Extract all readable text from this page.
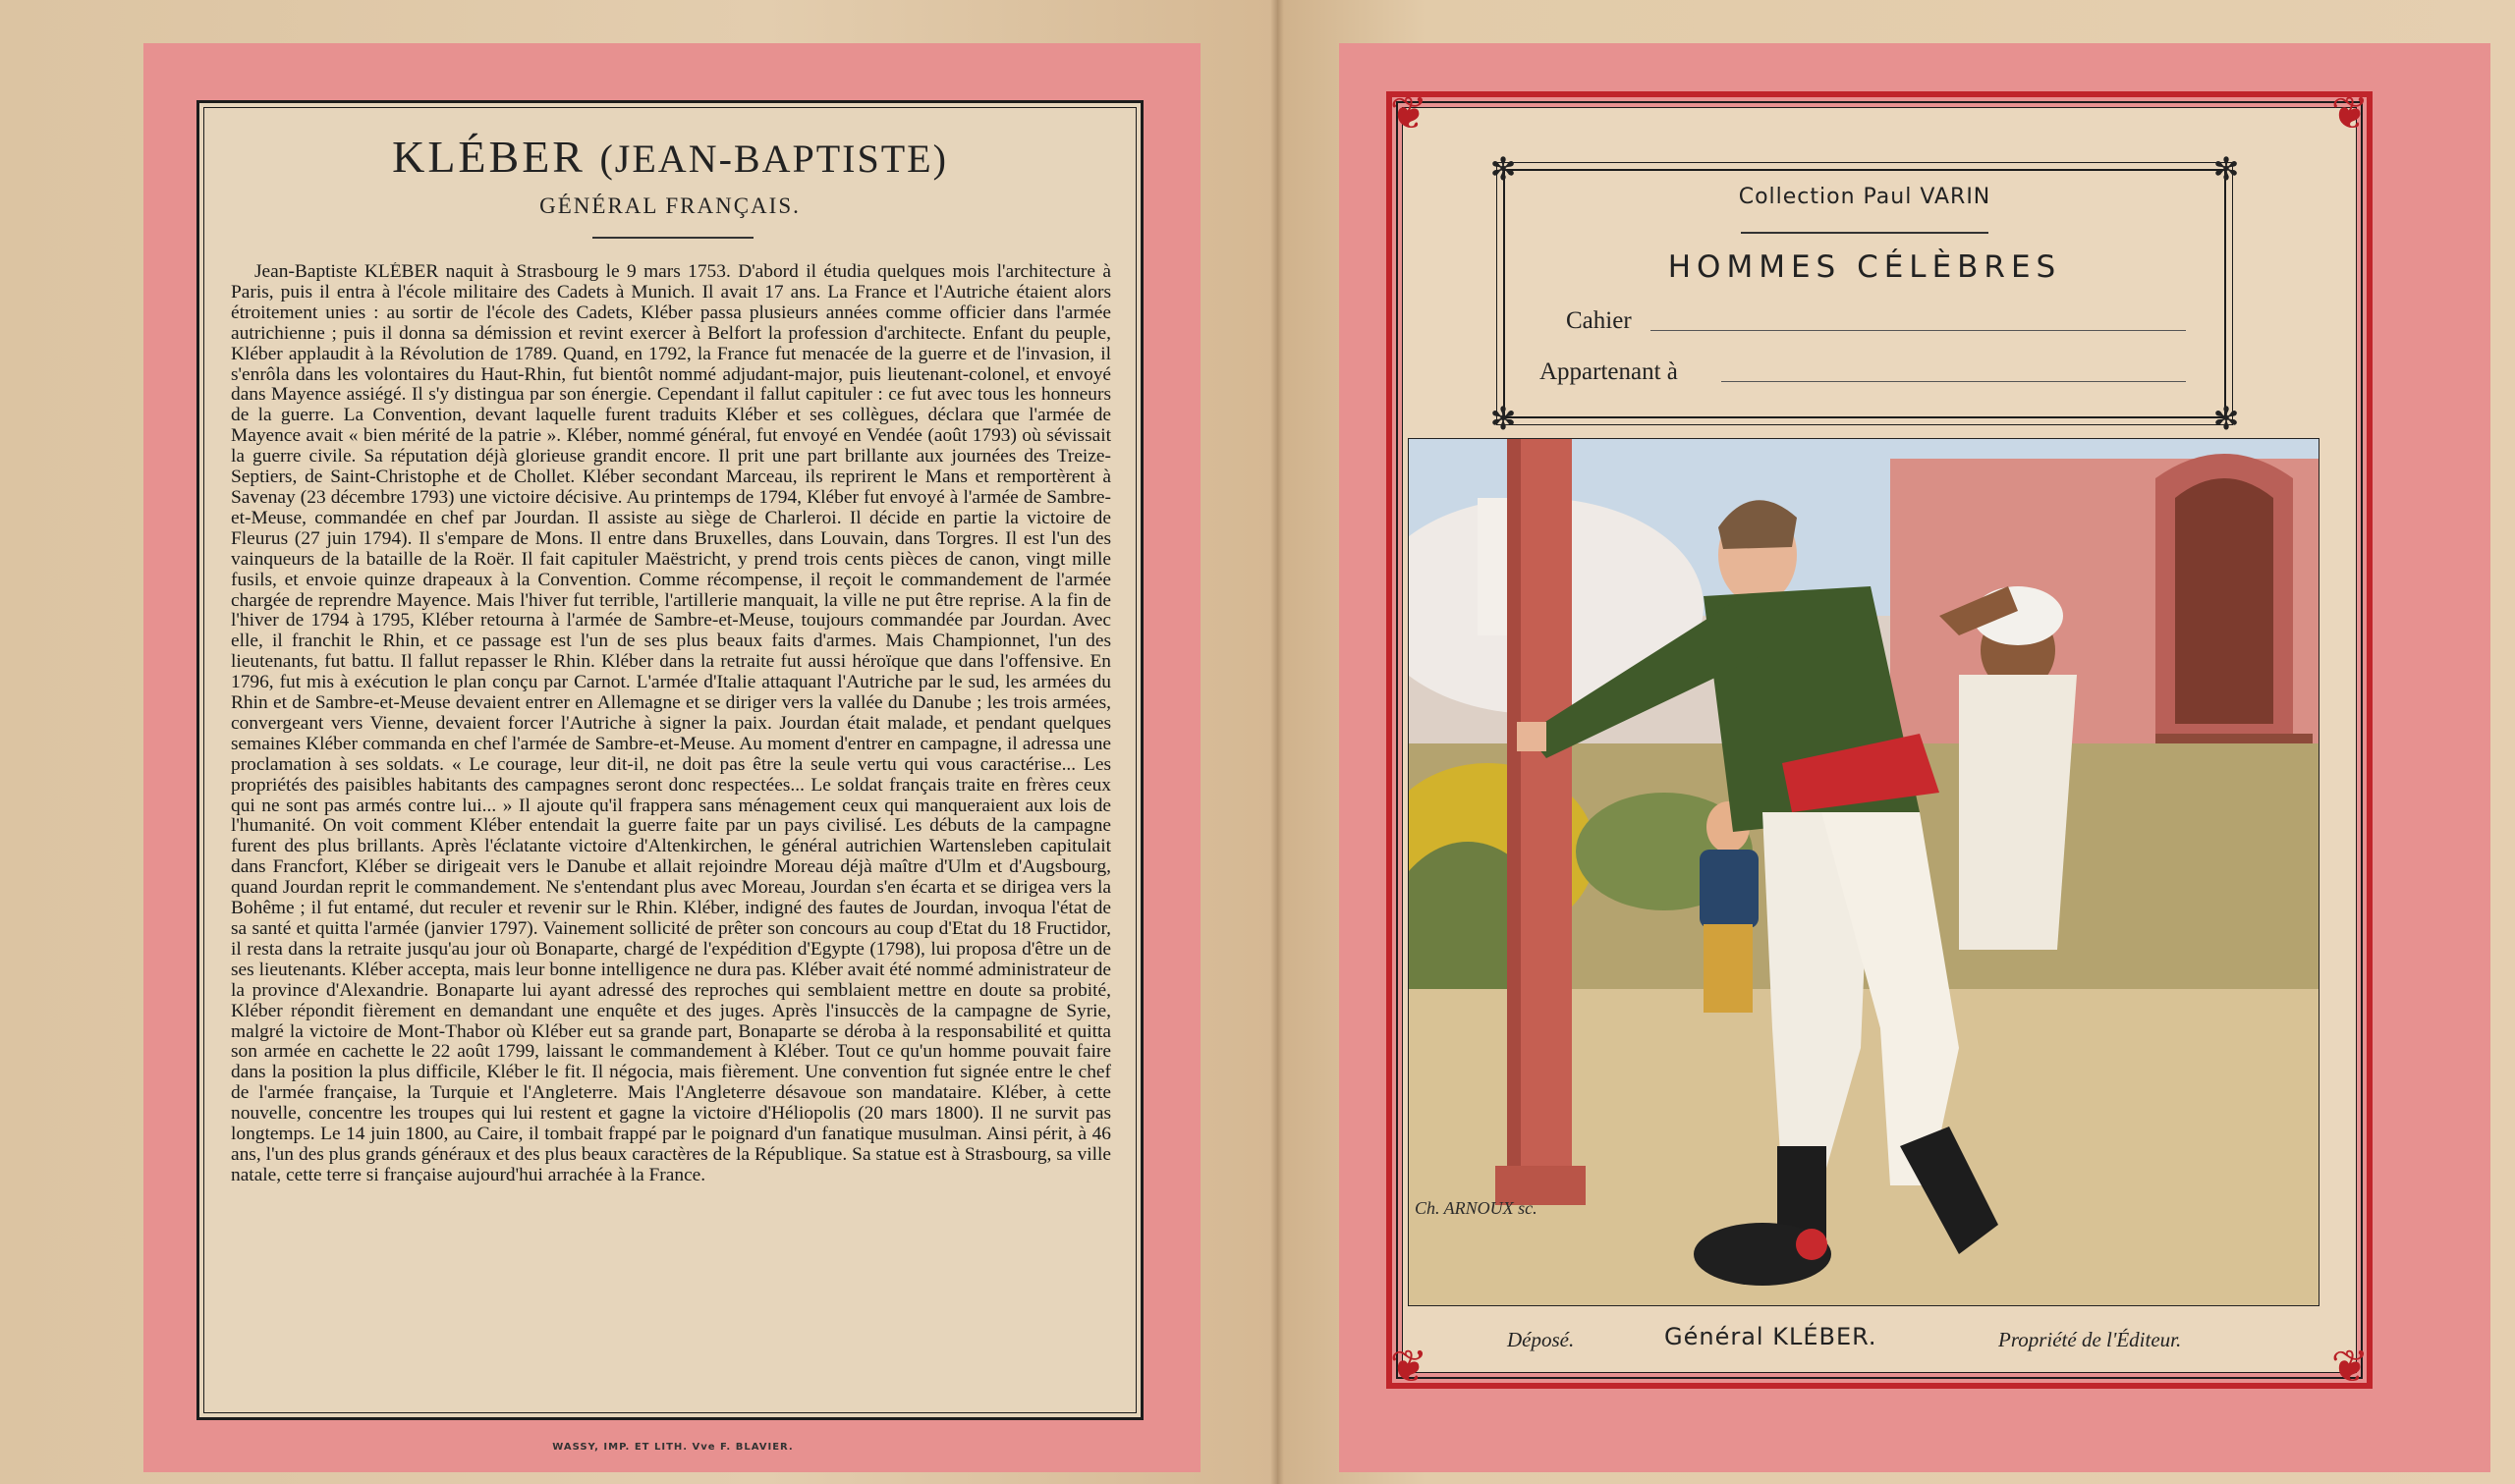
KLÉBER (JEAN-BAPTISTE)
GÉNÉRAL FRANÇAIS.
Jean-Baptiste KLÉBER naquit à Strasbourg le 9 mars 1753. D'abord il étudia quelques mois l'architecture à Paris, puis il entra à l'école militaire des Cadets à Munich. Il avait 17 ans. La France et l'Autriche étaient alors étroitement unies : au sortir de l'école des Cadets, Kléber passa plusieurs années comme officier dans l'armée autrichienne ; puis il donna sa démission et revint exercer à Belfort la profession d'architecte. Enfant du peuple, Kléber applaudit à la Révolution de 1789. Quand, en 1792, la France fut menacée de la guerre et de l'invasion, il s'enrôla dans les volontaires du Haut-Rhin, fut bientôt nommé adjudant-major, puis lieutenant-colonel, et envoyé dans Mayence assiégé. Il s'y distingua par son énergie. Cependant il fallut capituler : ce fut avec tous les honneurs de la guerre. La Convention, devant laquelle furent traduits Kléber et ses collègues, déclara que l'armée de Mayence avait « bien mérité de la patrie ». Kléber, nommé général, fut envoyé en Vendée (août 1793) où sévissait la guerre civile. Sa réputation déjà glorieuse grandit encore. Il prit une part brillante aux journées des Treize-Septiers, de Saint-Christophe et de Chollet. Kléber secondant Marceau, ils reprirent le Mans et remportèrent à Savenay (23 décembre 1793) une victoire décisive. Au printemps de 1794, Kléber fut envoyé à l'armée de Sambre-et-Meuse, commandée en chef par Jourdan. Il assiste au siège de Charleroi. Il décide en partie la victoire de Fleurus (27 juin 1794). Il s'empare de Mons. Il entre dans Bruxelles, dans Louvain, dans Torgres. Il est l'un des vainqueurs de la bataille de la Roër. Il fait capituler Maëstricht, y prend trois cents pièces de canon, vingt mille fusils, et envoie quinze drapeaux à la Convention. Comme récompense, il reçoit le commandement de l'armée chargée de reprendre Mayence. Mais l'hiver fut terrible, l'artillerie manquait, la ville ne put être reprise. A la fin de l'hiver de 1794 à 1795, Kléber retourna à l'armée de Sambre-et-Meuse, toujours commandée par Jourdan. Avec elle, il franchit le Rhin, et ce passage est l'un de ses plus beaux faits d'armes. Mais Championnet, l'un des lieutenants, fut battu. Il fallut repasser le Rhin. Kléber dans la retraite fut aussi héroïque que dans l'offensive. En 1796, fut mis à exécution le plan conçu par Carnot. L'armée d'Italie attaquant l'Autriche par le sud, les armées du Rhin et de Sambre-et-Meuse devaient entrer en Allemagne et se diriger vers la vallée du Danube ; les trois armées, convergeant vers Vienne, devaient forcer l'Autriche à signer la paix. Jourdan était malade, et pendant quelques semaines Kléber commanda en chef l'armée de Sambre-et-Meuse. Au moment d'entrer en campagne, il adressa une proclamation à ses soldats. « Le courage, leur dit-il, ne doit pas être la seule vertu qui vous caractérise... Les propriétés des paisibles habitants des campagnes seront donc respectées... Le soldat français traite en frères ceux qui ne sont pas armés contre lui... » Il ajoute qu'il frappera sans ménagement ceux qui manqueraient aux lois de l'humanité. On voit comment Kléber entendait la guerre faite par un pays civilisé. Les débuts de la campagne furent des plus brillants. Après l'éclatante victoire d'Altenkirchen, le général autrichien Wartensleben capitulait dans Francfort, Kléber se dirigeait vers le Danube et allait rejoindre Moreau déjà maître d'Ulm et d'Augsbourg, quand Jourdan reprit le commandement. Ne s'entendant plus avec Moreau, Jourdan s'en écarta et se dirigea vers la Bohême ; il fut entamé, dut reculer et revenir sur le Rhin. Kléber, indigné des fautes de Jourdan, invoqua l'état de sa santé et quitta l'armée (janvier 1797). Vainement sollicité de prêter son concours au coup d'Etat du 18 Fructidor, il resta dans la retraite jusqu'au jour où Bonaparte, chargé de l'expédition d'Egypte (1798), lui proposa d'être un de ses lieutenants. Kléber accepta, mais leur bonne intelligence ne dura pas. Kléber avait été nommé administrateur de la province d'Alexandrie. Bonaparte lui ayant adressé des reproches qui semblaient mettre en doute sa probité, Kléber répondit fièrement en demandant une enquête et des juges. Après l'insuccès de la campagne de Syrie, malgré la victoire de Mont-Thabor où Kléber eut sa grande part, Bonaparte se déroba à la responsabilité et quitta son armée en cachette le 22 août 1799, laissant le commandement à Kléber. Tout ce qu'un homme pouvait faire dans la position la plus difficile, Kléber le fit. Il négocia, mais fièrement. Une convention fut signée entre le chef de l'armée française, la Turquie et l'Angleterre. Mais l'Angleterre désavoue son mandataire. Kléber, à cette nouvelle, concentre les troupes qui lui restent et gagne la victoire d'Héliopolis (20 mars 1800). Il ne survit pas longtemps. Le 14 juin 1800, au Caire, il tombait frappé par le poignard d'un fanatique musulman. Ainsi périt, à 46 ans, l'un des plus grands généraux et des plus beaux caractères de la République. Sa statue est à Strasbourg, sa ville natale, cette terre si française aujourd'hui arrachée à la France.
WASSY, IMP. ET LITH. Vve F. BLAVIER.
❦	❦
❦	❦
✻	✻
✻	✻
Collection Paul VARIN
HOMMES CÉLÈBRES
Cahier
Appartenant à
Ch. ARNOUX sc.
Déposé.	Général KLÉBER.	Propriété de l'Éditeur.
